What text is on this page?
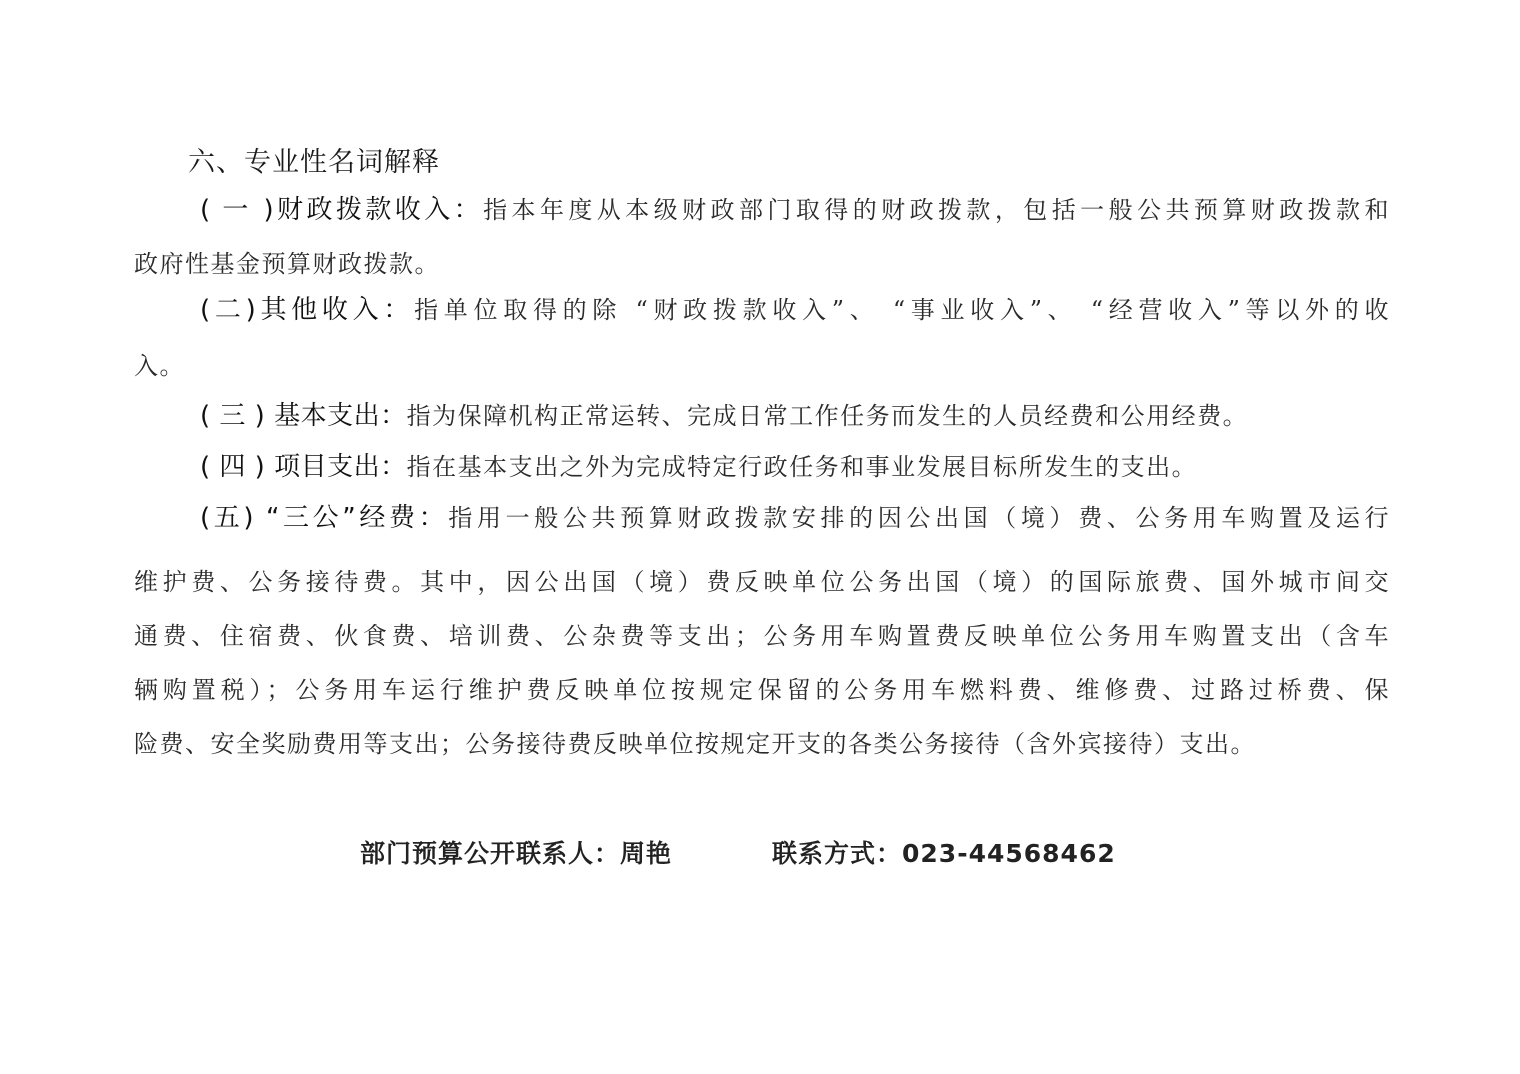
六、专业性名词解释
( 一 )财政拨款收入：指本年度从本级财政部门取得的财政拨款，包括一般公共预算财政拨款和
政府性基金预算财政拨款。
(二)其他收入：指单位取得的除 “财政拨款收入”、 “事业收入”、 “经营收入”等以外的收
入。
( 三 ) 基本支出：指为保障机构正常运转、完成日常工作任务而发生的人员经费和公用经费。
( 四 ) 项目支出：指在基本支出之外为完成特定行政任务和事业发展目标所发生的支出。
(五) “三公”经费：指用一般公共预算财政拨款安排的因公出国（境）费、公务用车购置及运行
维护费、公务接待费。其中，因公出国（境）费反映单位公务出国（境）的国际旅费、国外城市间交
通费、住宿费、伙食费、培训费、公杂费等支出；公务用车购置费反映单位公务用车购置支出（含车
辆购置税）；公务用车运行维护费反映单位按规定保留的公务用车燃料费、维修费、过路过桥费、保
险费、安全奖励费用等支出；公务接待费反映单位按规定开支的各类公务接待（含外宾接待）支出。
部门预算公开联系人：周艳	联系方式：023-44568462
